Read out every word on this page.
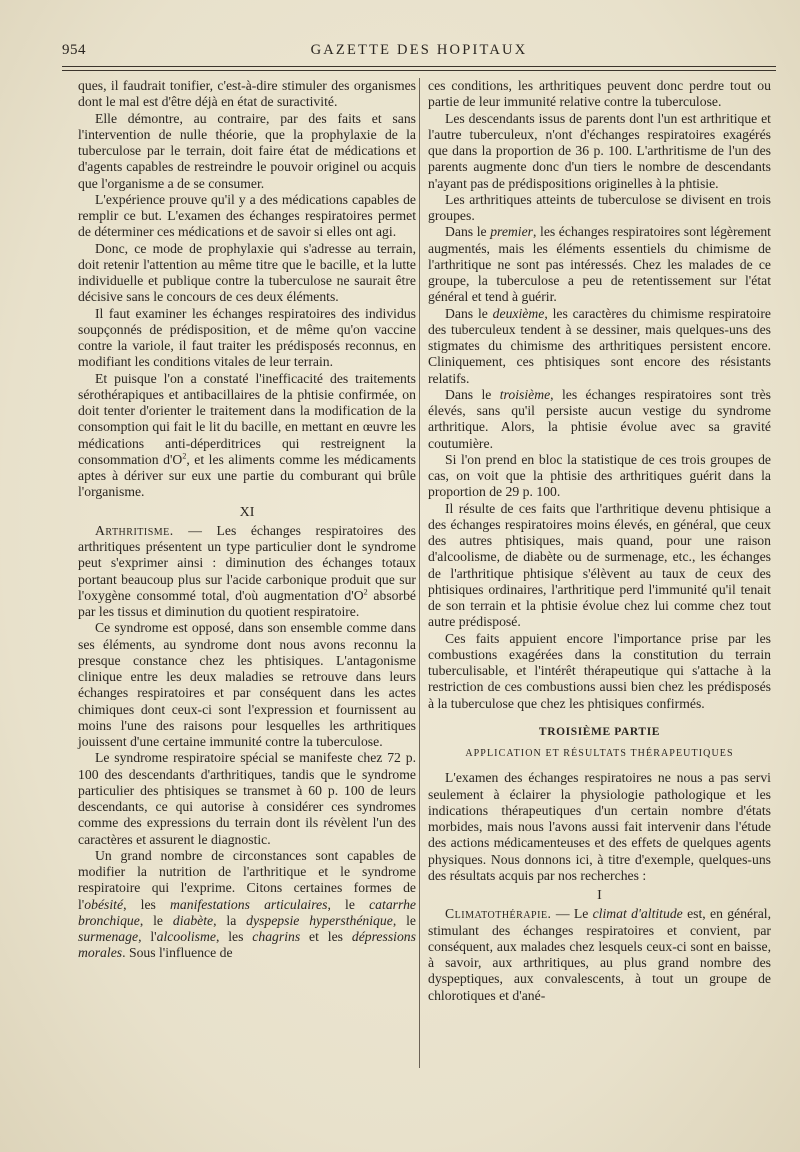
954	GAZETTE DES HOPITAUX

ques, il faudrait tonifier, c'est-à-dire stimuler des organismes dont le mal est d'être déjà en état de suractivité.

Elle démontre, au contraire, par des faits et sans l'intervention de nulle théorie, que la prophylaxie de la tuberculose par le terrain, doit faire état de médications et d'agents capables de restreindre le pouvoir originel ou acquis que l'organisme a de se consumer.

L'expérience prouve qu'il y a des médications capables de remplir ce but. L'examen des échanges respiratoires permet de déterminer ces médications et de savoir si elles ont agi.

Donc, ce mode de prophylaxie qui s'adresse au terrain, doit retenir l'attention au même titre que le bacille, et la lutte individuelle et publique contre la tuberculose ne saurait être décisive sans le concours de ces deux éléments.

Il faut examiner les échanges respiratoires des individus soupçonnés de prédisposition, et de même qu'on vaccine contre la variole, il faut traiter les prédisposés reconnus, en modifiant les conditions vitales de leur terrain.

Et puisque l'on a constaté l'inefficacité des traitements sérothérapiques et antibacillaires de la phtisie confirmée, on doit tenter d'orienter le traitement dans la modification de la consomption qui fait le lit du bacille, en mettant en œuvre les médications anti-déperditrices qui restreignent la consommation $d'O^2$, et les aliments comme les médicaments aptes à dériver sur eux une partie du comburant qui brûle l'organisme.

XI

Arthritisme. — Les échanges respiratoires des arthritiques présentent un type particulier dont le syndrome peut s'exprimer ainsi : diminution des échanges totaux portant beaucoup plus sur l'acide carbonique produit que sur l'oxygène consommé total, d'où augmentation $d'O^2$ absorbé par les tissus et diminution du quotient respiratoire.

Ce syndrome est opposé, dans son ensemble comme dans ses éléments, au syndrome dont nous avons reconnu la presque constance chez les phtisiques. L'antagonisme clinique entre les deux maladies se retrouve dans leurs échanges respiratoires et par conséquent dans les actes chimiques dont ceux-ci sont l'expression et fournissent au moins l'une des raisons pour lesquelles les arthritiques jouissent d'une certaine immunité contre la tuberculose.

Le syndrome respiratoire spécial se manifeste chez 72 p. 100 des descendants d'arthritiques, tandis que le syndrome particulier des phtisiques se transmet à 60 p. 100 de leurs descendants, ce qui autorise à considérer ces syndromes comme des expressions du terrain dont ils révèlent l'un des caractères et assurent le diagnostic.

Un grand nombre de circonstances sont capables de modifier la nutrition de l'arthritique et le syndrome respiratoire qui l'exprime. Citons certaines formes de l'obésité, les manifestations articulaires, le catarrhe bronchique, le diabète, la dyspepsie hypersthénique, le surmenage, l'alcoolisme, les chagrins et les dépressions morales. Sous l'influence de

ces conditions, les arthritiques peuvent donc perdre tout ou partie de leur immunité relative contre la tuberculose.

Les descendants issus de parents dont l'un est arthritique et l'autre tuberculeux, n'ont d'échanges respiratoires exagérés que dans la proportion de 36 p. 100. L'arthritisme de l'un des parents augmente donc d'un tiers le nombre de descendants n'ayant pas de prédispositions originelles à la phtisie.

Les arthritiques atteints de tuberculose se divisent en trois groupes.

Dans le premier, les échanges respiratoires sont légèrement augmentés, mais les éléments essentiels du chimisme de l'arthritique ne sont pas intéressés. Chez les malades de ce groupe, la tuberculose a peu de retentissement sur l'état général et tend à guérir.

Dans le deuxième, les caractères du chimisme respiratoire des tuberculeux tendent à se dessiner, mais quelques-uns des stigmates du chimisme des arthritiques persistent encore. Cliniquement, ces phtisiques sont encore des résistants relatifs.

Dans le troisième, les échanges respiratoires sont très élevés, sans qu'il persiste aucun vestige du syndrome arthritique. Alors, la phtisie évolue avec sa gravité coutumière.

Si l'on prend en bloc la statistique de ces trois groupes de cas, on voit que la phtisie des arthritiques guérit dans la proportion de 29 p. 100.

Il résulte de ces faits que l'arthritique devenu phtisique a des échanges respiratoires moins élevés, en général, que ceux des autres phtisiques, mais quand, pour une raison d'alcoolisme, de diabète ou de surmenage, etc., les échanges de l'arthritique phtisique s'élèvent au taux de ceux des phtisiques ordinaires, l'arthritique perd l'immunité qu'il tenait de son terrain et la phtisie évolue chez lui comme chez tout autre prédisposé.

Ces faits appuient encore l'importance prise par les combustions exagérées dans la constitution du terrain tuberculisable, et l'intérêt thérapeutique qui s'attache à la restriction de ces combustions aussi bien chez les prédisposés à la tuberculose que chez les phtisiques confirmés.

TROISIÈME PARTIE

APPLICATION ET RÉSULTATS THÉRAPEUTIQUES

L'examen des échanges respiratoires ne nous a pas servi seulement à éclairer la physiologie pathologique et les indications thérapeutiques d'un certain nombre d'états morbides, mais nous l'avons aussi fait intervenir dans l'étude des actions médicamenteuses et des effets de quelques agents physiques. Nous donnons ici, à titre d'exemple, quelques-uns des résultats acquis par nos recherches :

I

Climatothérapie. — Le climat d'altitude est, en général, stimulant des échanges respiratoires et convient, par conséquent, aux malades chez lesquels ceux-ci sont en baisse, à savoir, aux arthritiques, au plus grand nombre des dyspeptiques, aux convalescents, à tout un groupe de chlorotiques et d'ané-
